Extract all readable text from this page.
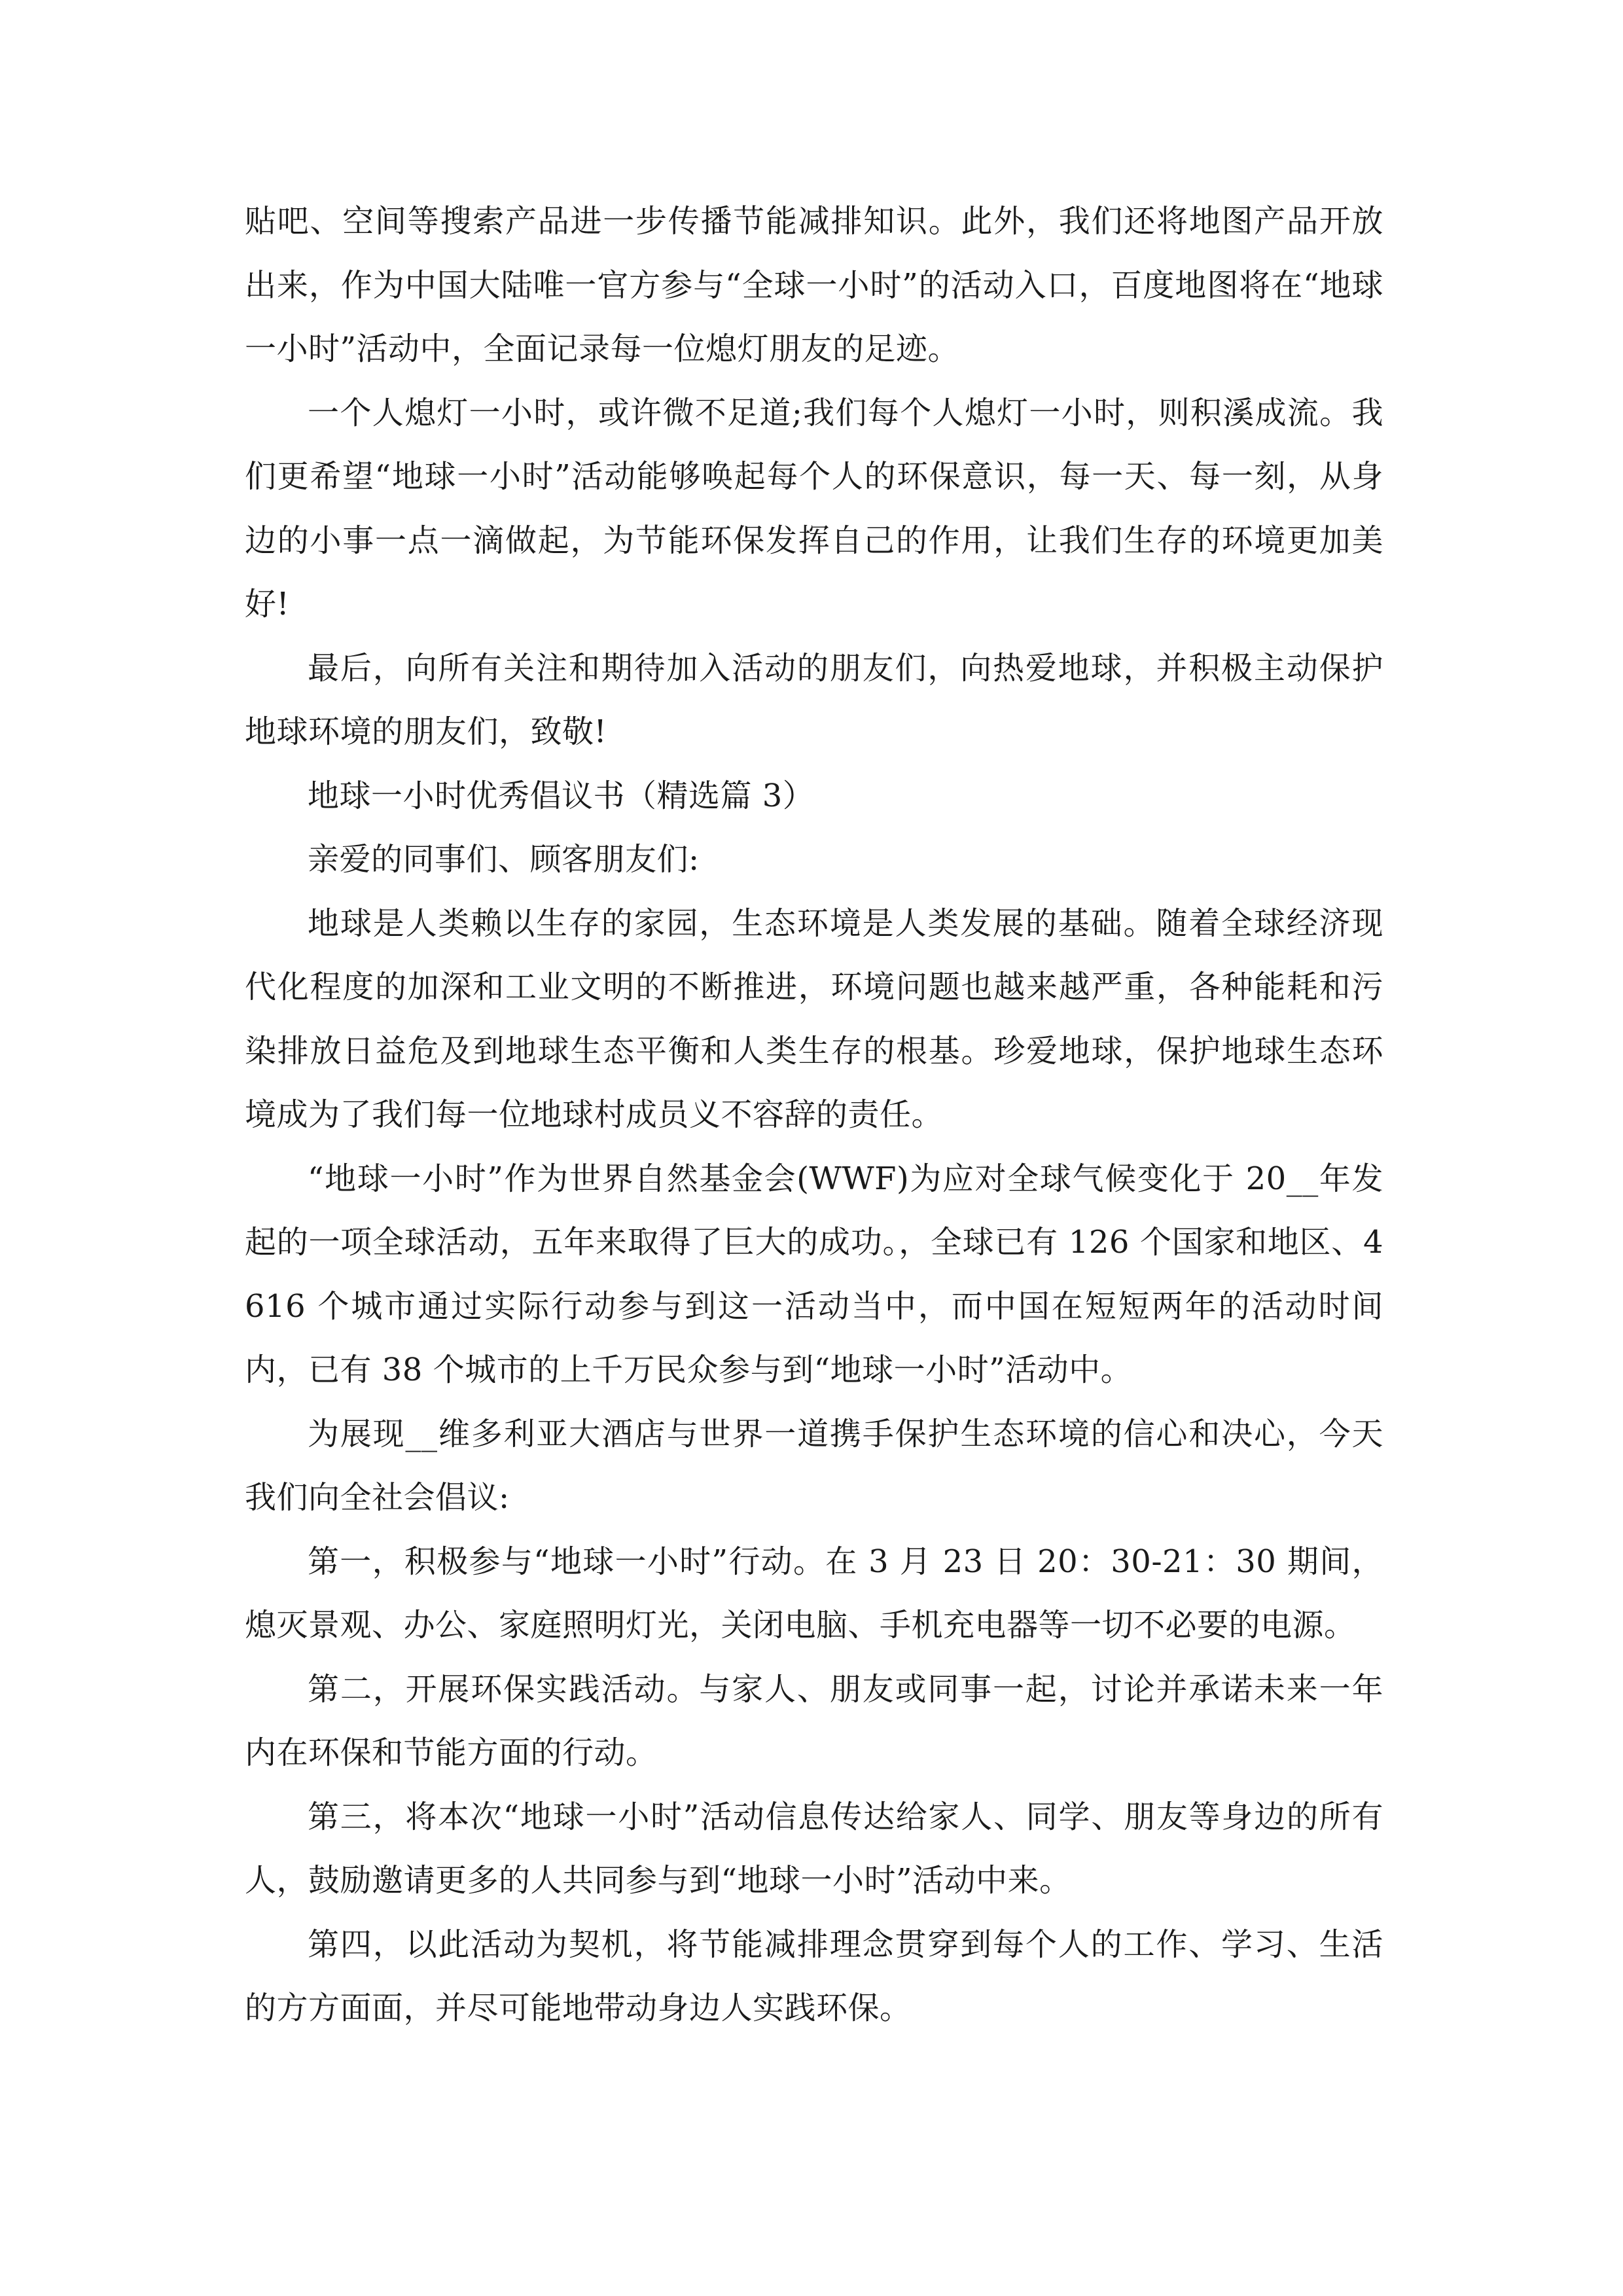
贴吧、空间等搜索产品进一步传播节能减排知识。此外，我们还将地图产品开放出来，作为中国大陆唯一官方参与“全球一小时”的活动入口，百度地图将在“地球一小时”活动中，全面记录每一位熄灯朋友的足迹。

一个人熄灯一小时，或许微不足道;我们每个人熄灯一小时，则积溪成流。我们更希望“地球一小时”活动能够唤起每个人的环保意识，每一天、每一刻，从身边的小事一点一滴做起，为节能环保发挥自己的作用，让我们生存的环境更加美好!

最后，向所有关注和期待加入活动的朋友们，向热爱地球，并积极主动保护地球环境的朋友们，致敬!

地球一小时优秀倡议书（精选篇 3）

亲爱的同事们、顾客朋友们:

地球是人类赖以生存的家园，生态环境是人类发展的基础。随着全球经济现代化程度的加深和工业文明的不断推进，环境问题也越来越严重，各种能耗和污染排放日益危及到地球生态平衡和人类生存的根基。珍爱地球，保护地球生态环境成为了我们每一位地球村成员义不容辞的责任。

“地球一小时”作为世界自然基金会(WWF)为应对全球气候变化于 20__年发起的一项全球活动，五年来取得了巨大的成功。，全球已有 126 个国家和地区、4616 个城市通过实际行动参与到这一活动当中，而中国在短短两年的活动时间内，已有 38 个城市的上千万民众参与到“地球一小时”活动中。

为展现__维多利亚大酒店与世界一道携手保护生态环境的信心和决心，今天我们向全社会倡议:

第一，积极参与“地球一小时”行动。在 3 月 23 日 20：30-21：30 期间，熄灭景观、办公、家庭照明灯光，关闭电脑、手机充电器等一切不必要的电源。

第二，开展环保实践活动。与家人、朋友或同事一起，讨论并承诺未来一年内在环保和节能方面的行动。

第三，将本次“地球一小时”活动信息传达给家人、同学、朋友等身边的所有人，鼓励邀请更多的人共同参与到“地球一小时”活动中来。

第四，以此活动为契机，将节能减排理念贯穿到每个人的工作、学习、生活的方方面面，并尽可能地带动身边人实践环保。
